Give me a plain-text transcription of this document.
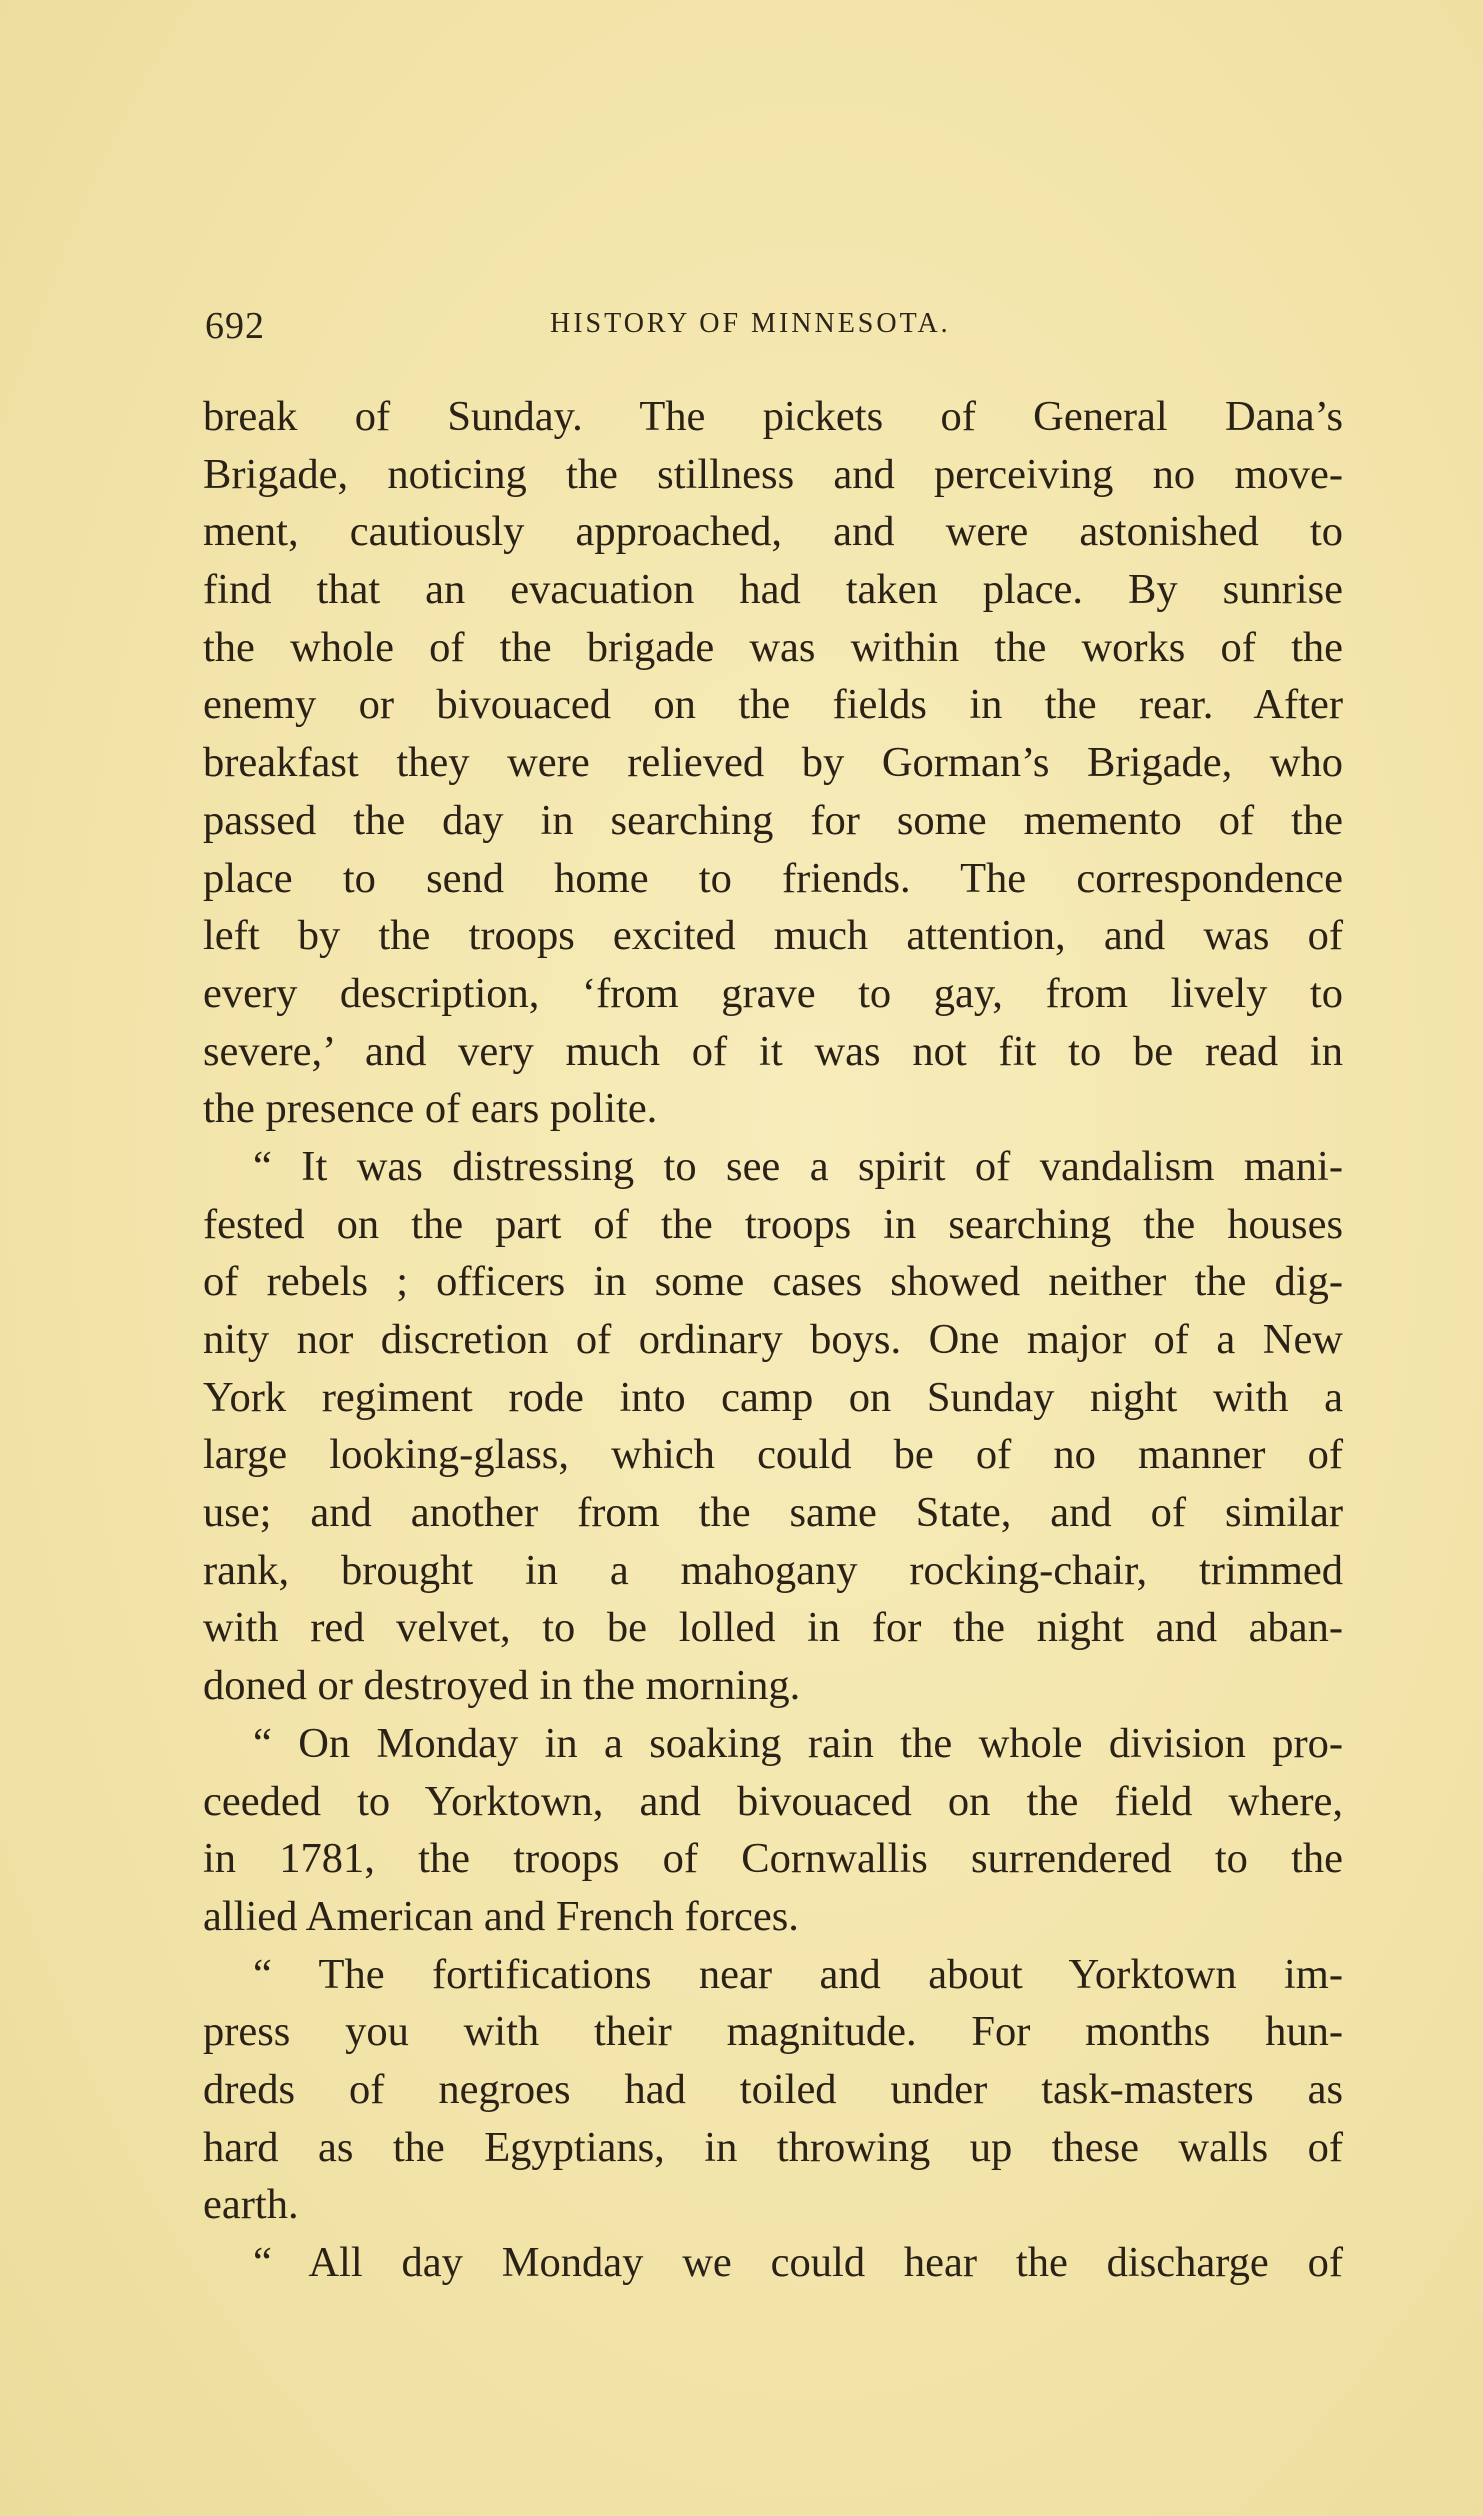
692	HISTORY OF MINNESOTA.
break of Sunday. The pickets of General Dana’s
Brigade, noticing the stillness and perceiving no move-
ment, cautiously approached, and were astonished to
find that an evacuation had taken place. By sunrise
the whole of the brigade was within the works of the
enemy or bivouaced on the fields in the rear. After
breakfast they were relieved by Gorman’s Brigade, who
passed the day in searching for some memento of the
place to send home to friends. The correspondence
left by the troops excited much attention, and was of
every description, ‘from grave to gay, from lively to
severe,’ and very much of it was not fit to be read in
the presence of ears polite.
“ It was distressing to see a spirit of vandalism mani-
fested on the part of the troops in searching the houses
of rebels ; officers in some cases showed neither the dig-
nity nor discretion of ordinary boys. One major of a New
York regiment rode into camp on Sunday night with a
large looking-glass, which could be of no manner of
use; and another from the same State, and of similar
rank, brought in a mahogany rocking-chair, trimmed
with red velvet, to be lolled in for the night and aban-
doned or destroyed in the morning.
“ On Monday in a soaking rain the whole division pro-
ceeded to Yorktown, and bivouaced on the field where,
in 1781, the troops of Cornwallis surrendered to the
allied American and French forces.
“ The fortifications near and about Yorktown im-
press you with their magnitude. For months hun-
dreds of negroes had toiled under task-masters as
hard as the Egyptians, in throwing up these walls of
earth.
“ All day Monday we could hear the discharge of
